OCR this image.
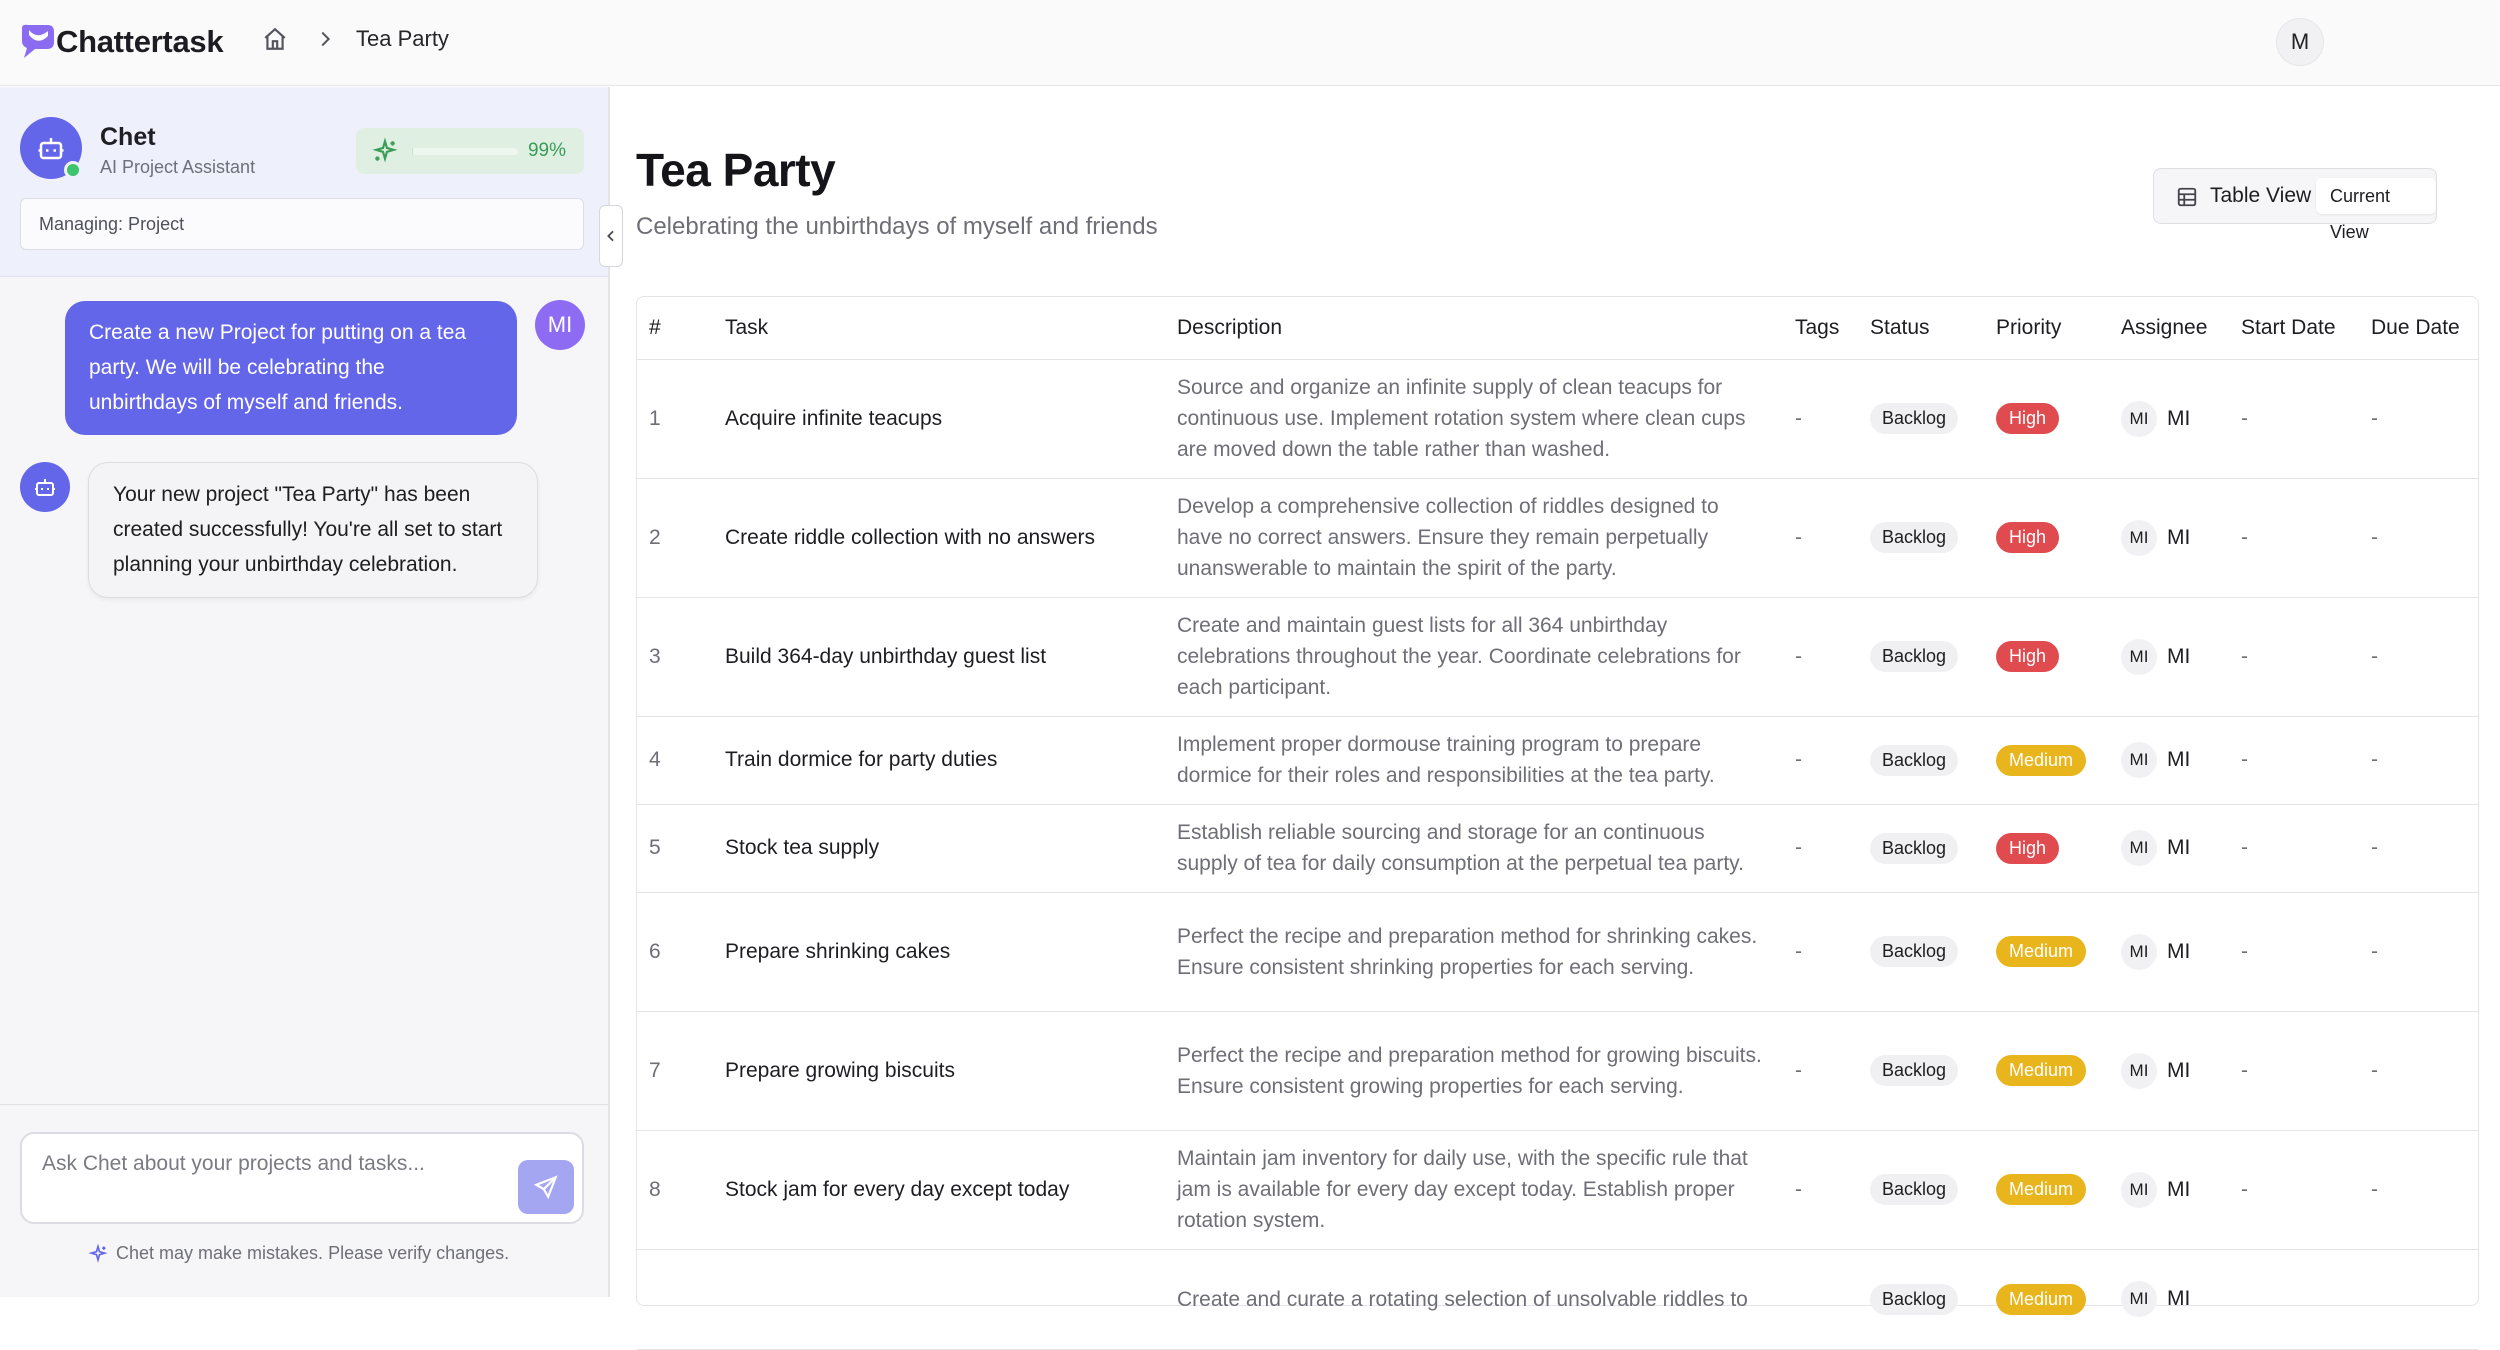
Chattertask	Tea Party	M
Chet
AI Project Assistant
99%
Managing: Project
Create a new Project for putting on a tea party. We will be celebrating the unbirthdays of myself and friends.
MI
Your new project "Tea Party" has been created successfully! You're all set to start planning your unbirthday celebration.
Ask Chet about your projects and tasks...
Chet may make mistakes. Please verify changes.
Tea Party
Celebrating the unbirthdays of myself and friends
Table View	Current View
#	Task	Description	Tags	Status	Priority	Assignee	Start Date	Due Date
1	Acquire infinite teacups	Source and organize an infinite supply of clean teacups for continuous use. Implement rotation system where clean cups are moved down the table rather than washed.	-	Backlog	High	MI MI	-	-
2	Create riddle collection with no answers	Develop a comprehensive collection of riddles designed to have no correct answers. Ensure they remain perpetually unanswerable to maintain the spirit of the party.	-	Backlog	High	MI MI	-	-
3	Build 364-day unbirthday guest list	Create and maintain guest lists for all 364 unbirthday celebrations throughout the year. Coordinate celebrations for each participant.	-	Backlog	High	MI MI	-	-
4	Train dormice for party duties	Implement proper dormouse training program to prepare dormice for their roles and responsibilities at the tea party.	-	Backlog	Medium	MI MI	-	-
5	Stock tea supply	Establish reliable sourcing and storage for an continuous supply of tea for daily consumption at the perpetual tea party.	-	Backlog	High	MI MI	-	-
6	Prepare shrinking cakes	Perfect the recipe and preparation method for shrinking cakes. Ensure consistent shrinking properties for each serving.	-	Backlog	Medium	MI MI	-	-
7	Prepare growing biscuits	Perfect the recipe and preparation method for growing biscuits. Ensure consistent growing properties for each serving.	-	Backlog	Medium	MI MI	-	-
8	Stock jam for every day except today	Maintain jam inventory for daily use, with the specific rule that jam is available for every day except today. Establish proper rotation system.	-	Backlog	Medium	MI MI	-	-
		Create and curate a rotating selection of unsolvable riddles to		Backlog	Medium	MI MI		
